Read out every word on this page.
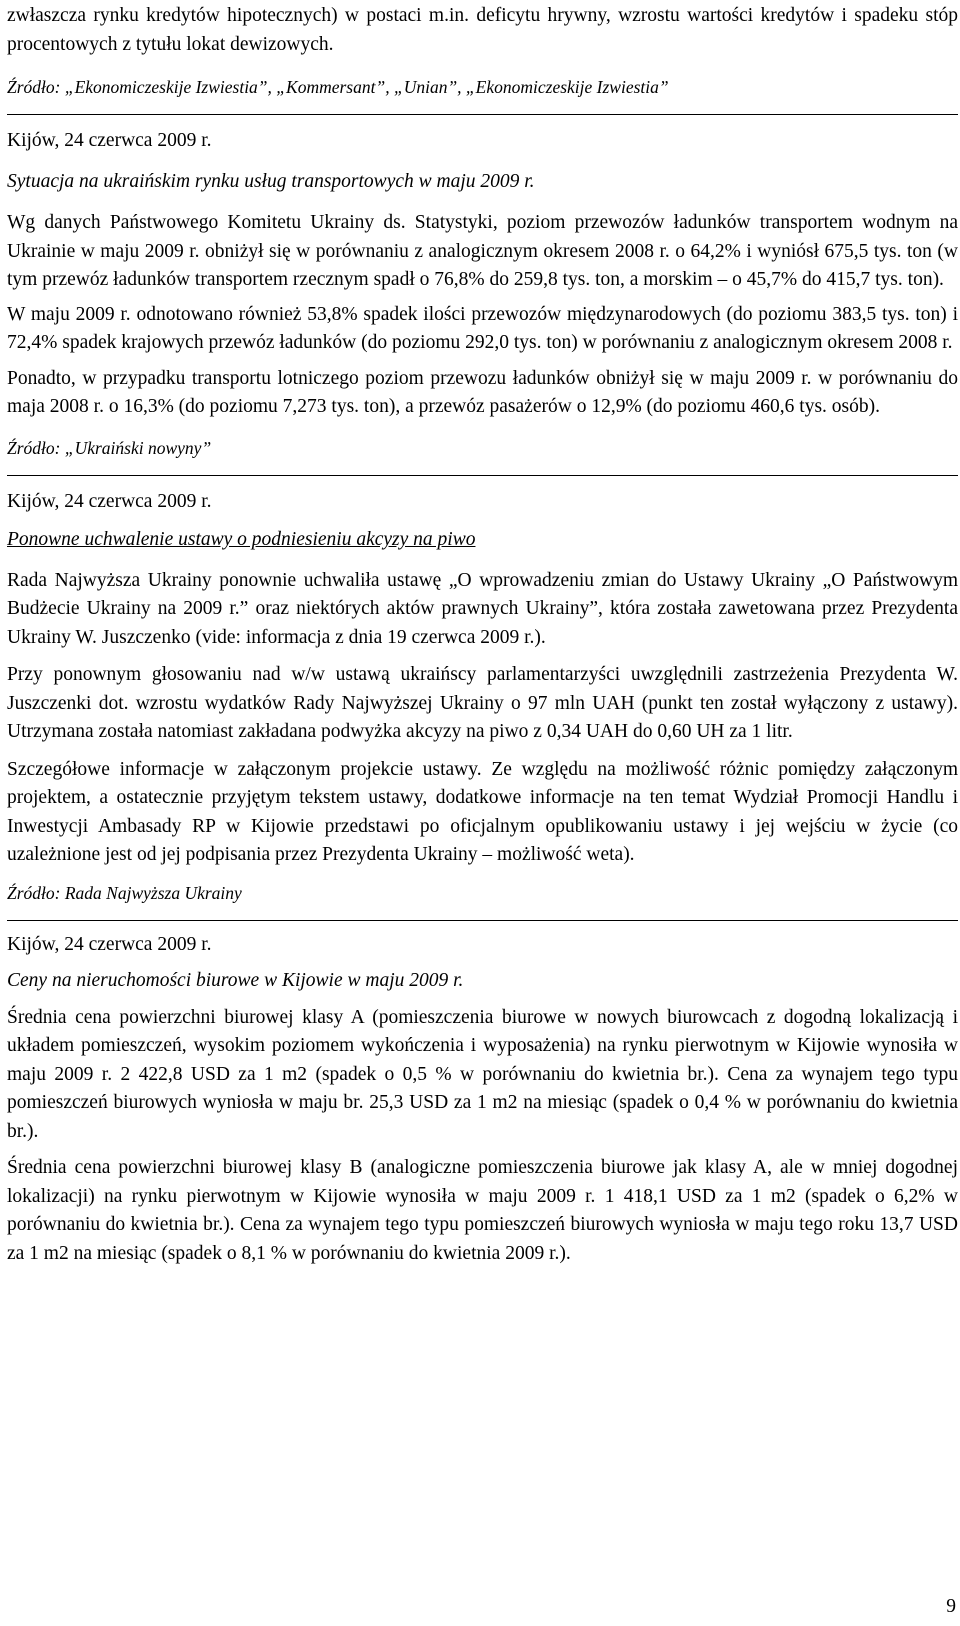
zwłaszcza rynku kredytów hipotecznych) w postaci m.in. deficytu hrywny, wzrostu wartości kredytów i spadeku stóp procentowych z tytułu lokat dewizowych.

Źródło: „Ekonomiczeskije Izwiestia”, „Kommersant”, „Unian”, „Ekonomiczeskije Izwiestia”

Kijów, 24 czerwca 2009 r.

Sytuacja na ukraińskim rynku usług transportowych w maju 2009 r.

Wg danych Państwowego Komitetu Ukrainy ds. Statystyki, poziom przewozów ładunków transportem wodnym na Ukrainie w maju 2009 r. obniżył się w porównaniu z analogicznym okresem 2008 r. o 64,2% i wyniósł 675,5 tys. ton (w tym przewóz ładunków transportem rzecznym spadł o 76,8% do 259,8 tys. ton, a morskim – o 45,7% do 415,7 tys. ton).

W maju 2009 r. odnotowano również 53,8% spadek ilości przewozów międzynarodowych (do poziomu 383,5 tys. ton) i 72,4% spadek krajowych przewóz ładunków (do poziomu 292,0 tys. ton) w porównaniu z analogicznym okresem 2008 r.

Ponadto, w przypadku transportu lotniczego poziom przewozu ładunków obniżył się w maju 2009 r. w porównaniu do maja 2008 r. o 16,3% (do poziomu 7,273 tys. ton), a przewóz pasażerów o 12,9% (do poziomu 460,6 tys. osób).

Źródło: „Ukraiński nowyny”

Kijów, 24 czerwca 2009 r.

Ponowne uchwalenie ustawy o podniesieniu akcyzy na piwo

Rada Najwyższa Ukrainy ponownie uchwaliła ustawę „O wprowadzeniu zmian do Ustawy Ukrainy „O Państwowym Budżecie Ukrainy na 2009 r.” oraz niektórych aktów prawnych Ukrainy”, która została zawetowana przez Prezydenta Ukrainy W. Juszczenko (vide: informacja z dnia 19 czerwca 2009 r.).

Przy ponownym głosowaniu nad w/w ustawą ukraińscy parlamentarzyści uwzględnili zastrzeżenia Prezydenta W. Juszczenki dot. wzrostu wydatków Rady Najwyższej Ukrainy o 97 mln UAH (punkt ten został wyłączony z ustawy). Utrzymana została natomiast zakładana podwyżka akcyzy na piwo z 0,34 UAH do 0,60 UH za 1 litr.

Szczegółowe informacje w załączonym projekcie ustawy. Ze względu na możliwość różnic pomiędzy załączonym projektem, a ostatecznie przyjętym tekstem ustawy, dodatkowe informacje na ten temat Wydział Promocji Handlu i Inwestycji Ambasady RP w Kijowie przedstawi po oficjalnym opublikowaniu ustawy i jej wejściu w życie (co uzależnione jest od jej podpisania przez Prezydenta Ukrainy – możliwość weta).

Źródło: Rada Najwyższa Ukrainy

Kijów, 24 czerwca 2009 r.

Ceny na nieruchomości biurowe w Kijowie w maju 2009 r.

Średnia cena powierzchni biurowej klasy A (pomieszczenia biurowe w nowych biurowcach z dogodną lokalizacją i układem pomieszczeń, wysokim poziomem wykończenia i wyposażenia) na rynku pierwotnym w Kijowie wynosiła w maju 2009 r. 2 422,8 USD za 1 m2 (spadek o 0,5 % w porównaniu do kwietnia br.). Cena za wynajem tego typu pomieszczeń biurowych wyniosła w maju br. 25,3 USD za 1 m2 na miesiąc (spadek o 0,4 % w porównaniu do kwietnia br.).

Średnia cena powierzchni biurowej klasy B (analogiczne pomieszczenia biurowe jak klasy A, ale w mniej dogodnej lokalizacji) na rynku pierwotnym w Kijowie wynosiła w maju 2009 r. 1 418,1 USD za 1 m2 (spadek o 6,2% w porównaniu do kwietnia br.). Cena za wynajem tego typu pomieszczeń biurowych wyniosła w maju tego roku 13,7 USD za 1 m2 na miesiąc (spadek o 8,1 % w porównaniu do kwietnia 2009 r.).

9
